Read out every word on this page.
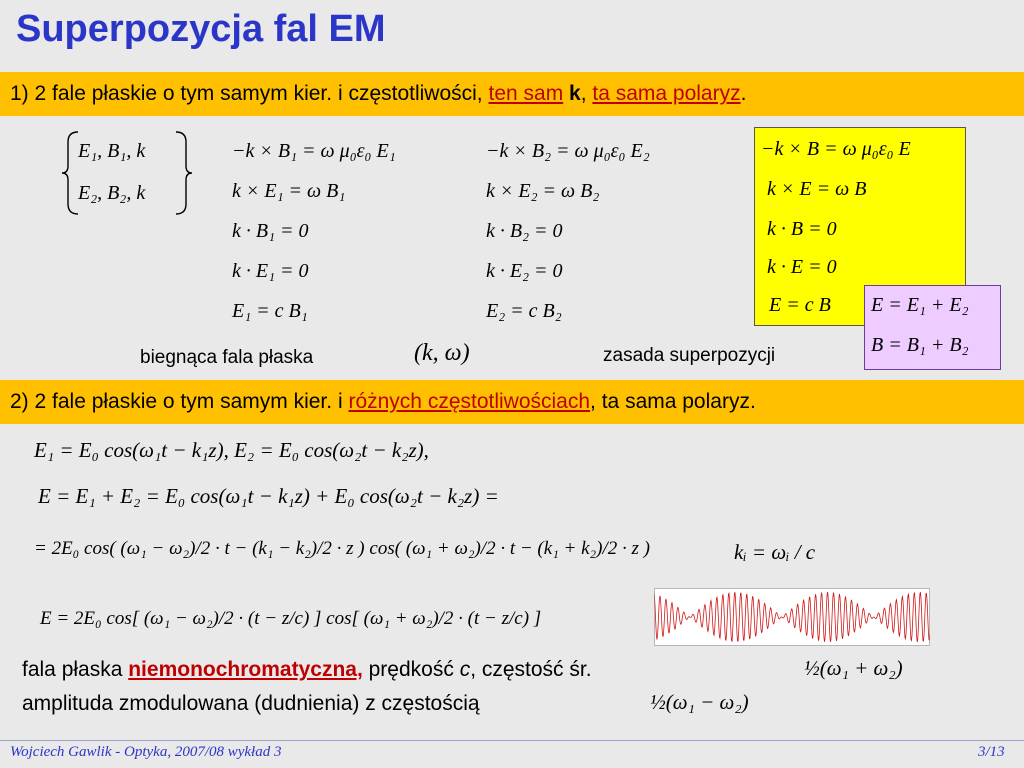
Superpozycja fal EM
1) 2 fale płaskie o tym samym kier. i częstotliwości, ten sam k, ta sama polaryz.
E₁, B₁, k
E₂, B₂, k
−k × B₁ = ω μ₀ε₀ E₁
k × E₁ = ω B₁
k · B₁ = 0
k · E₁ = 0
E₁ = c B₁
−k × B₂ = ω μ₀ε₀ E₂
k × E₂ = ω B₂
k · B₂ = 0
k · E₂ = 0
E₂ = c B₂
−k × B = ω μ₀ε₀ E
k × E = ω B
k · B = 0
k · E = 0
E = c B E = E₁ + E₂
B = B₁ + B₂
(k, ω)
biegnąca fala płaska	zasada superpozycji
2) 2 fale płaskie o tym samym kier. i różnych częstotliwościach, ta sama polaryz.
E₁ = E₀ cos(ω₁t − k₁z), E₂ = E₀ cos(ω₂t − k₂z),
E = E₁ + E₂ = E₀ cos(ω₁t − k₁z) + E₀ cos(ω₂t − k₂z) =
= 2E₀ cos( (ω₁ − ω₂)/2 · t − (k₁ − k₂)/2 · z ) cos( (ω₁ + ω₂)/2 · t − (k₁ + k₂)/2 · z )	kᵢ = ωᵢ / c
E = 2E₀ cos[ (ω₁ − ω₂)/2 · (t − z/c) ] cos[ (ω₁ + ω₂)/2 · (t − z/c) ]
fala płaska niemonochromatyczna, prędkość c, częstość śr.	½(ω₁ + ω₂)
amplituda zmodulowana (dudnienia) z częstością	½(ω₁ − ω₂)
Wojciech Gawlik - Optyka, 2007/08 wykład 3	3/13
